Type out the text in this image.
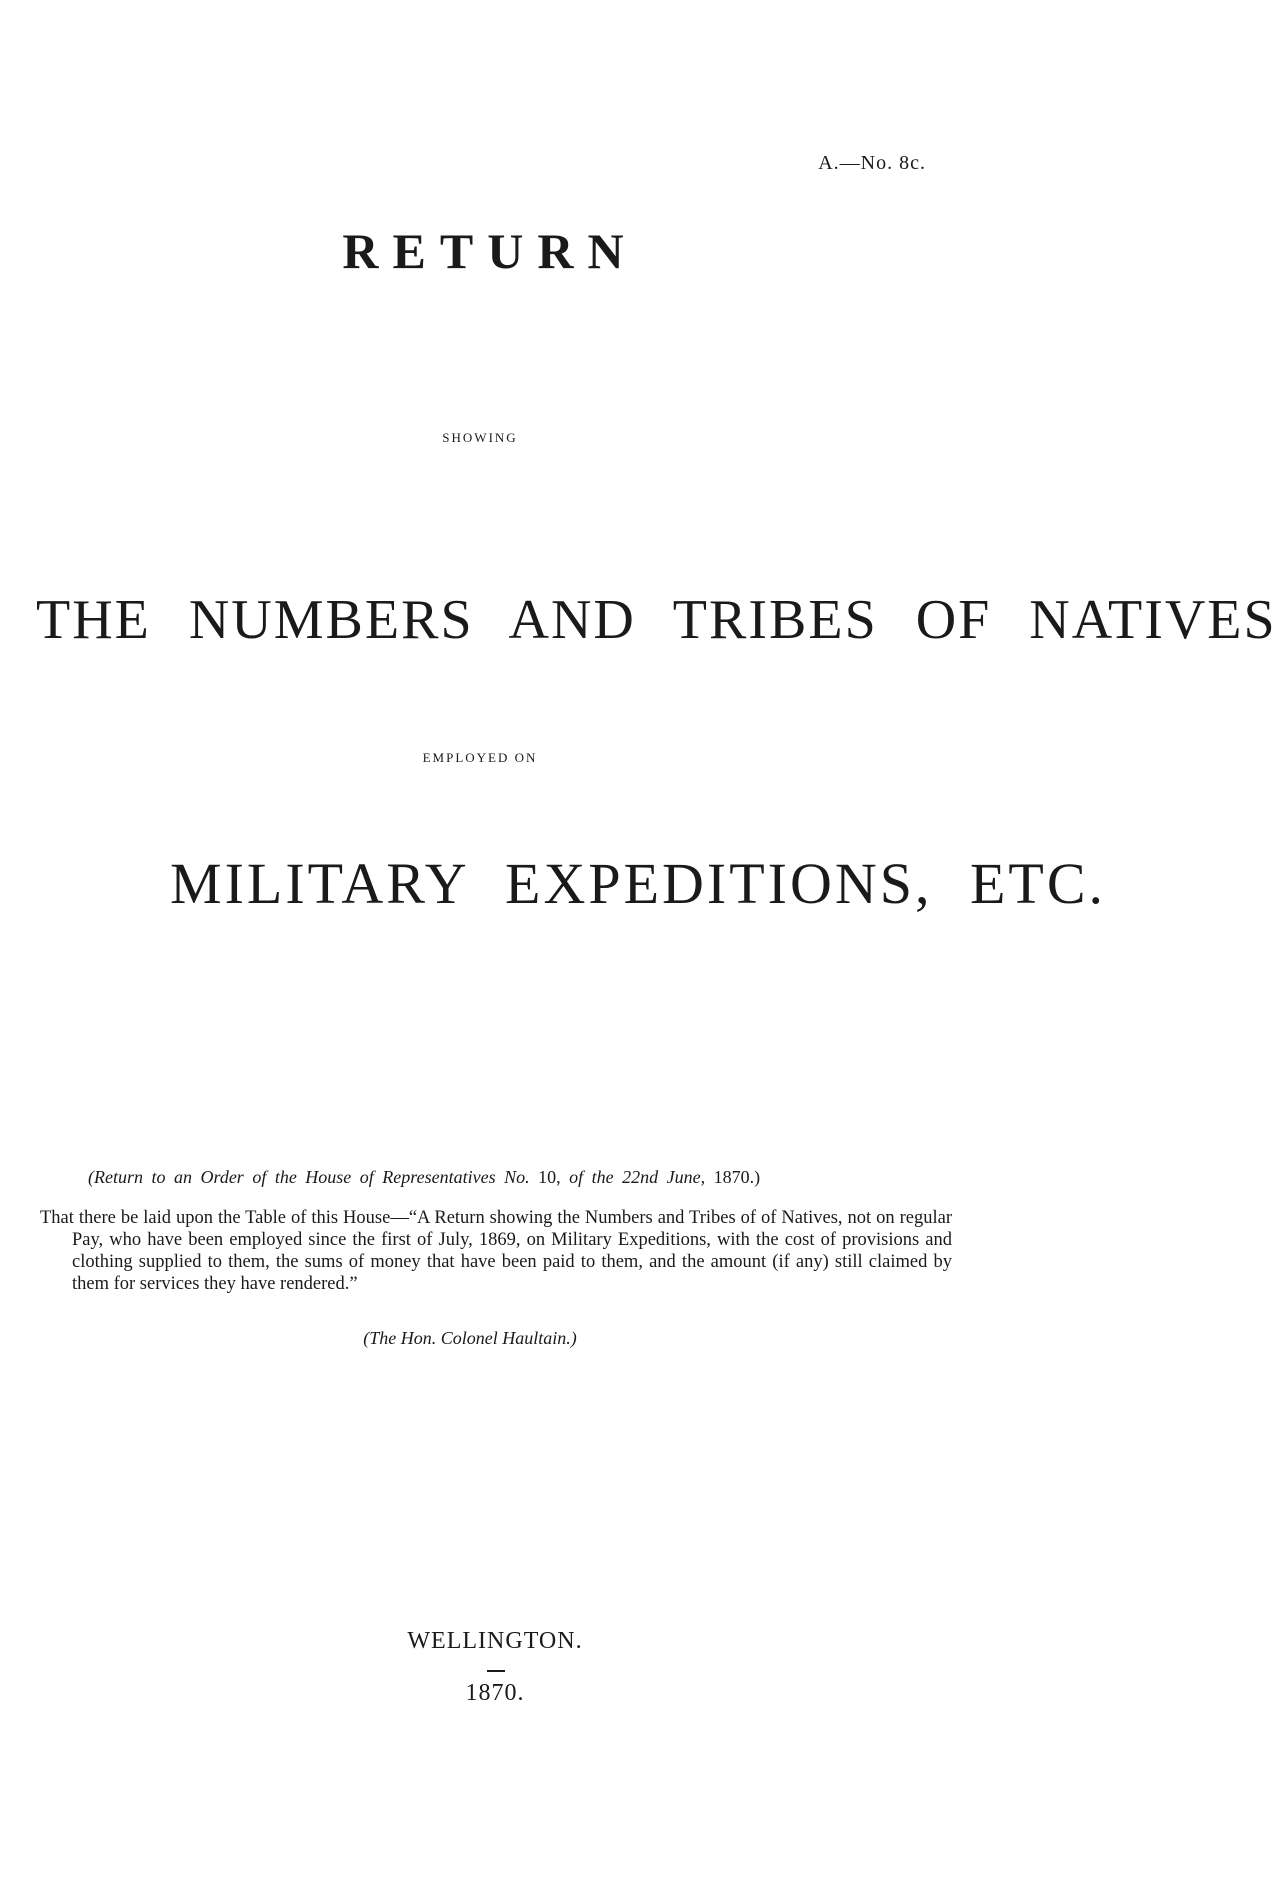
A.—No. 8c.
RETURN
SHOWING
THE NUMBERS AND TRIBES OF NATIVES
EMPLOYED ON
MILITARY EXPEDITIONS, ETC.
(Return to an Order of the House of Representatives No. 10, of the 22nd June, 1870.)
That there be laid upon the Table of this House—“A Return showing the Numbers and Tribes of of Natives, not on regular Pay, who have been employed since the first of July, 1869, on Military Expeditions, with the cost of provisions and clothing supplied to them, the sums of money that have been paid to them, and the amount (if any) still claimed by them for services they have rendered.”
(The Hon. Colonel Haultain.)
WELLINGTON.
1870.
